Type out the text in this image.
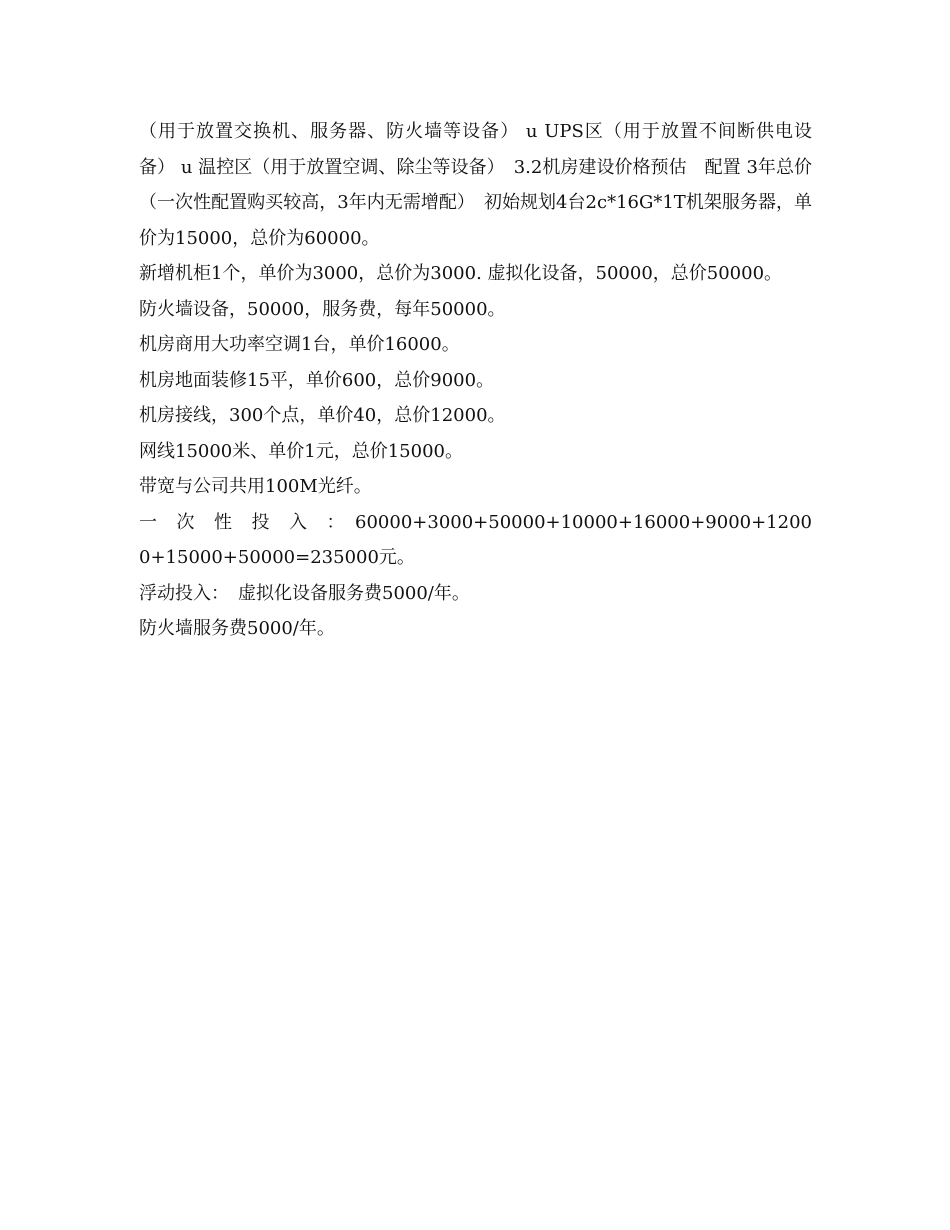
（用于放置交换机、服务器、防火墙等设备） u UPS区（用于放置不间断供电设备） u 温控区（用于放置空调、除尘等设备）　3.2机房建设价格预估　配置 3年总价（一次性配置购买较高，3年内无需增配）　初始规划4台2c*16G*1T机架服务器，单价为15000，总价为60000。

新增机柜1个，单价为3000，总价为3000. 虚拟化设备，50000，总价50000。

防火墙设备，50000，服务费，每年50000。

机房商用大功率空调1台，单价16000。

机房地面装修15平，单价600，总价9000。

机房接线，300个点，单价40，总价12000。

网线15000米、单价1元，总价15000。

带宽与公司共用100M光纤。

一　次　性　投　入　：　60000+3000+50000+10000+16000+9000+12000+15000+50000=235000元。

浮动投入：　虚拟化设备服务费5000/年。

防火墙服务费5000/年。
